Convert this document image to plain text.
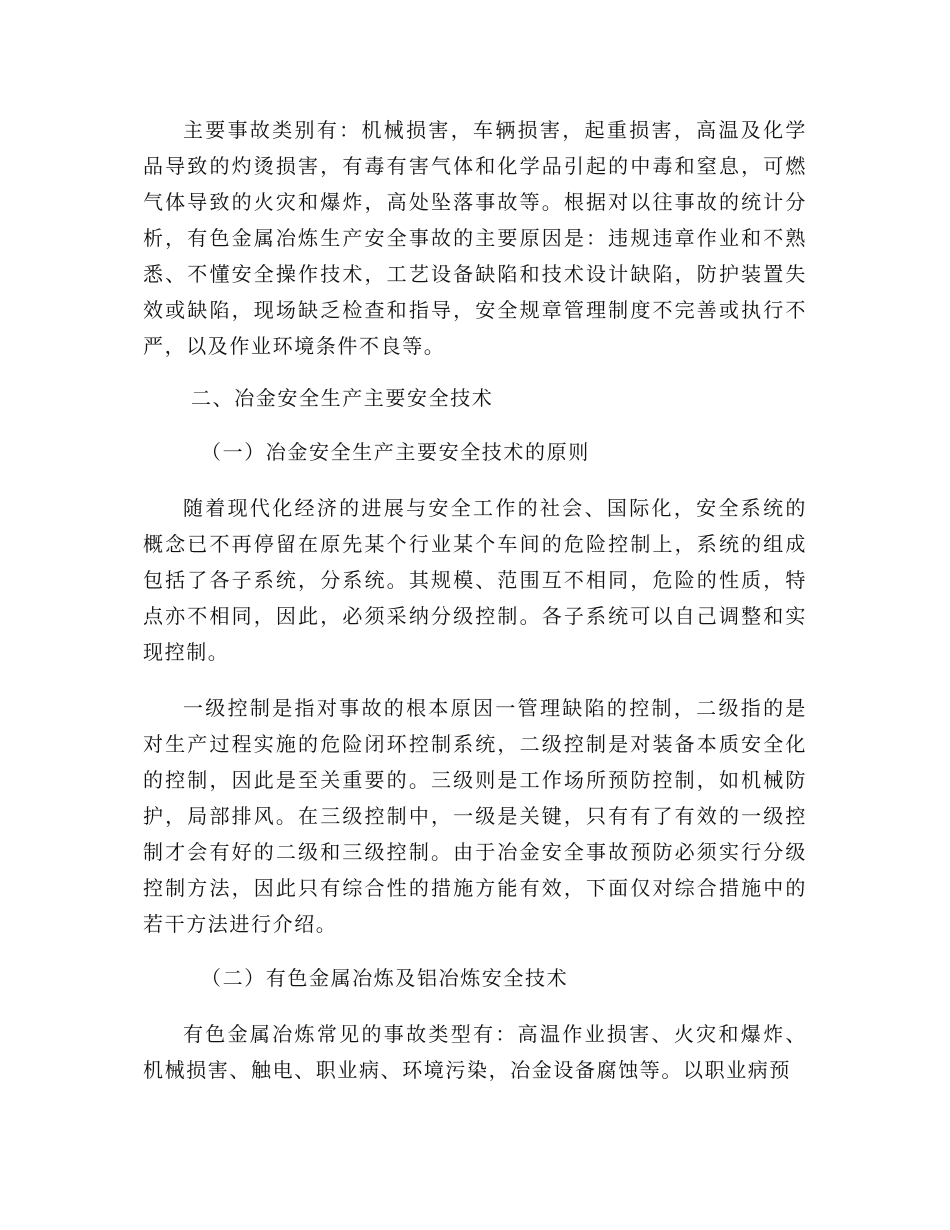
主要事故类别有：机械损害，车辆损害，起重损害，高温及化学品导致的灼烫损害，有毒有害气体和化学品引起的中毒和窒息，可燃气体导致的火灾和爆炸，高处坠落事故等。根据对以往事故的统计分析，有色金属冶炼生产安全事故的主要原因是：违规违章作业和不熟悉、不懂安全操作技术，工艺设备缺陷和技术设计缺陷，防护装置失效或缺陷，现场缺乏检查和指导，安全规章管理制度不完善或执行不严，以及作业环境条件不良等。

二、冶金安全生产主要安全技术

（一）冶金安全生产主要安全技术的原则

随着现代化经济的进展与安全工作的社会、国际化，安全系统的概念已不再停留在原先某个行业某个车间的危险控制上，系统的组成包括了各子系统，分系统。其规模、范围互不相同，危险的性质，特点亦不相同，因此，必须采纳分级控制。各子系统可以自己调整和实现控制。

一级控制是指对事故的根本原因一管理缺陷的控制，二级指的是对生产过程实施的危险闭环控制系统，二级控制是对装备本质安全化的控制，因此是至关重要的。三级则是工作场所预防控制，如机械防护，局部排风。在三级控制中，一级是关键，只有有了有效的一级控制才会有好的二级和三级控制。由于冶金安全事故预防必须实行分级控制方法，因此只有综合性的措施方能有效，下面仅对综合措施中的若干方法进行介绍。

（二）有色金属冶炼及铝冶炼安全技术

有色金属冶炼常见的事故类型有：高温作业损害、火灾和爆炸、机械损害、触电、职业病、环境污染，冶金设备腐蚀等。以职业病预
